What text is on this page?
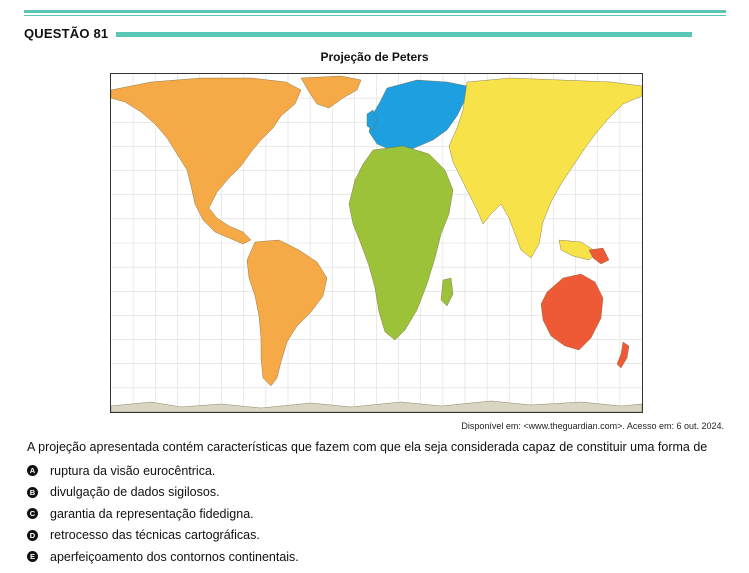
QUESTÃO 81
Projeção de Peters
Disponível em: <www.theguardian.com>. Acesso em: 6 out. 2024.
A projeção apresentada contém características que fazem com que ela seja considerada capaz de constituir uma forma de
A ruptura da visão eurocêntrica.
B divulgação de dados sigilosos.
C garantia da representação fidedigna.
D retrocesso das técnicas cartográficas.
E aperfeiçoamento dos contornos continentais.
